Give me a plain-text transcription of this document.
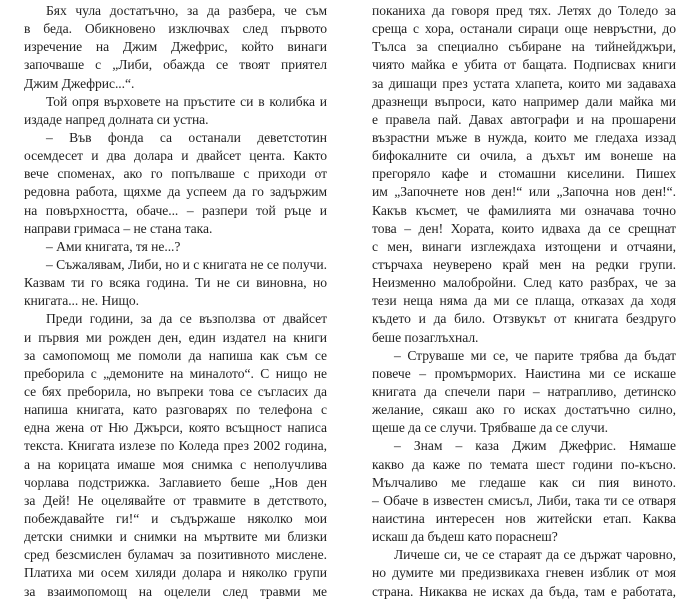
Бях чула достатъчно, за да разбера, че съм
в беда. Обикновено изключвах след първото
изречение на Джим Джефрис, който винаги
започваше с „Либи, обажда се твоят приятел
Джим Джефрис...“.
Той опря върховете на пръстите си в колибка и
издаде напред долната си устна.
– Във фонда са останали деветстотин
осемдесет и два долара и двайсет цента. Както
вече споменах, ако го попълваше с приходи от
редовна работа, щяхме да успеем да го задържим
на повърхността, обаче... – разпери той ръце и
направи гримаса – не стана така.
– Ами книгата, тя не...?
– Съжалявам, Либи, но и с книгата не се получи.
Казвам ти го всяка година. Ти не си виновна, но
книгата... не. Нищо.
Преди години, за да се възползва от двайсет
и първия ми рожден ден, един издател на книги
за самопомощ ме помоли да напиша как съм се
преборила с „демоните на миналото“. С нищо не
се бях преборила, но въпреки това се съгласих да
напиша книгата, като разговарях по телефона с
една жена от Ню Джърси, която всъщност написа
текста. Книгата излезе по Коледа през 2002 година,
а на корицата имаше моя снимка с неполучлива
чорлава подстрижка. Заглавието беше „Нов ден
за Дей! Не оцелявайте от травмите в детството,
побеждавайте ги!“ и съдържаше няколко мои
детски снимки и снимки на мъртвите ми близки
сред безсмислен буламач за позитивното мислене.
Платиха ми осем хиляди долара и няколко групи
за взаимопомощ на оцелели след травми ме
поканиха да говоря пред тях. Летях до Толедо за
среща с хора, останали сираци още невръстни, до
Тълса за специално събиране на тийнейджъри,
чиято майка е убита от бащата. Подписвах книги
за дишащи през устата хлапета, които ми задаваха
дразнещи въпроси, като например дали майка ми
е правела пай. Давах автографи и на прошарени
възрастни мъже в нужда, които ме гледаха иззад
бифокалните си очила, а дъхът им вонеше на
прегоряло кафе и стомашни киселини. Пишех
им „Започнете нов ден!“ или „Започна нов ден!“.
Какъв късмет, че фамилията ми означава точно
това – ден! Хората, които идваха да се срещнат
с мен, винаги изглеждаха изтощени и отчаяни,
стърчаха неуверено край мен на редки групи.
Неизменно малобройни. След като разбрах, че за
тези неща няма да ми се плаща, отказах да ходя
където и да било. Отзвукът от книгата бездруго
беше позаглъхнал.
– Струваше ми се, че парите трябва да бъдат
повече – промърморих. Наистина ми се искаше
книгата да спечели пари – натрапливо, детинско
желание, сякаш ако го исках достатъчно силно,
щеше да се случи. Трябваше да се случи.
– Знам – каза Джим Джефрис. Нямаше
какво да каже по темата шест години по-късно.
Мълчаливо ме гледаше как си пия виното.
– Обаче в известен смисъл, Либи, така ти се отваря
наистина интересен нов житейски етап. Каква
искаш да бъдеш като пораснеш?
Личеше си, че се стараят да се държат чаровно,
но думите ми предизвикаха гневен изблик от моя
страна. Никаква не исках да бъда, там е работата,
